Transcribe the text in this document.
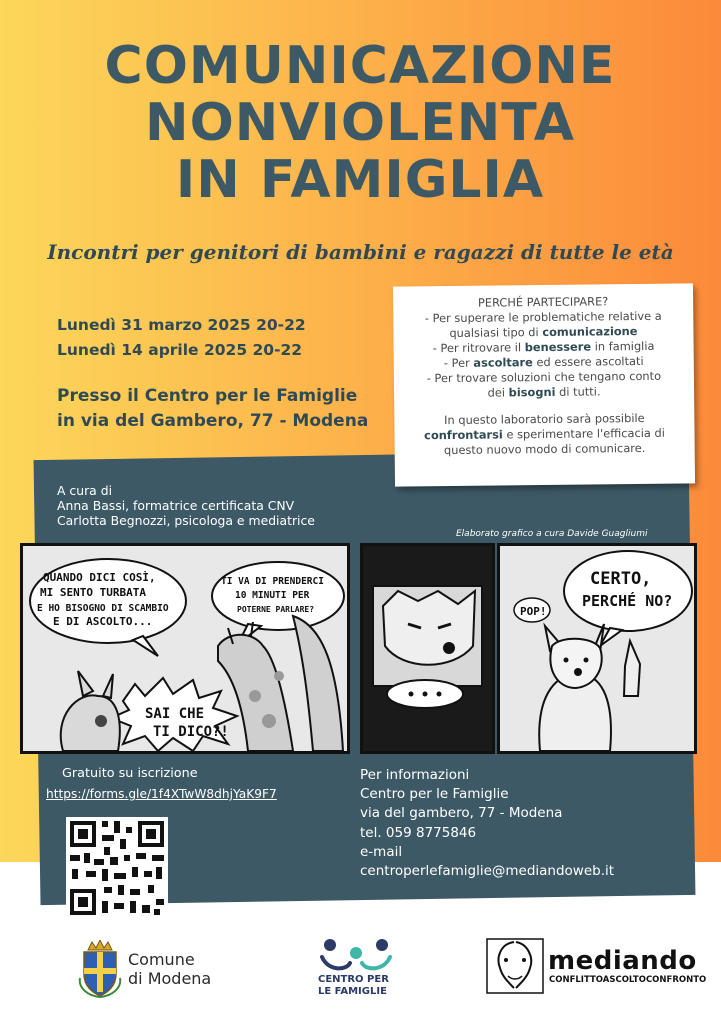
COMUNICAZIONE
NONVIOLENTA
IN FAMIGLIA
Incontri per genitori di bambini e ragazzi di tutte le età
Lunedì 31 marzo 2025 20-22
Lunedì 14 aprile 2025 20-22
Presso il Centro per le Famiglie
in via del Gambero, 77 - Modena
PERCHÉ PARTECIPARE?
- Per superare le problematiche relative a
qualsiasi tipo di comunicazione
- Per ritrovare il benessere in famiglia
- Per ascoltare ed essere ascoltati
- Per trovare soluzioni che tengano conto
dei bisogni di tutti.
In questo laboratorio sarà possibile
confrontarsi e sperimentare l'efficacia di
questo nuovo modo di comunicare.
A cura di
Anna Bassi, formatrice certificata CNV
Carlotta Begnozzi, psicologa e mediatrice
Elaborato grafico a cura Davide Guagliumi
QUANDO DICI COSÌ, MI SENTO TURBATA E HO BISOGNO DI SCAMBIO E DI ASCOLTO...
TI VA DI PRENDERCI 10 MINUTI PER POTERNE PARLARE?
SAI CHE TI DICO?!
CERTO, PERCHÉ NO?
POP!
Gratuito su iscrizione
https://forms.gle/1f4XTwW8dhjYaK9F7
Per informazioni
Centro per le Famiglie
via del gambero, 77 - Modena
tel. 059 8775846
e-mail
centroperlefamiglie@mediandoweb.it
Comune
di Modena	CENTRO PER
LE FAMIGLIE
mediando
CONFLITTOASCOLTOCONFRONTO
